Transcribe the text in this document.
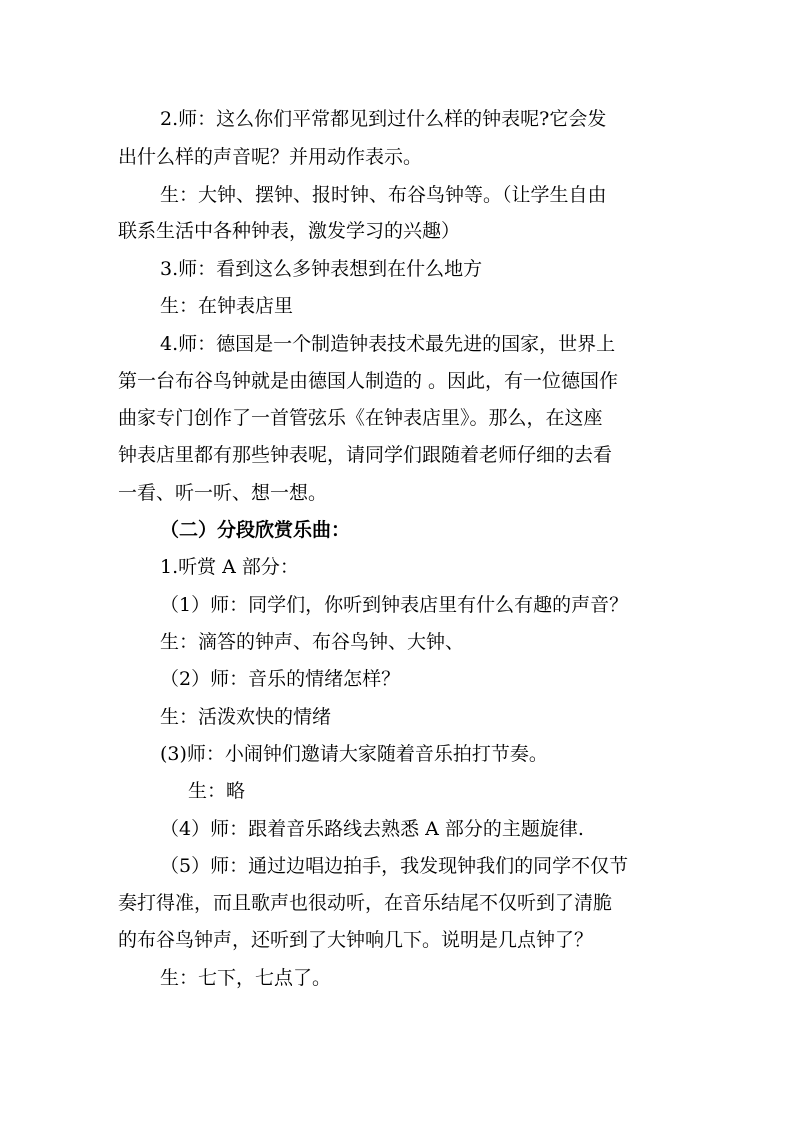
2.师：这么你们平常都见到过什么样的钟表呢?它会发
出什么样的声音呢？并用动作表示。
生：大钟、摆钟、报时钟、布谷鸟钟等。（让学生自由
联系生活中各种钟表，激发学习的兴趣）
3.师：看到这么多钟表想到在什么地方
生：在钟表店里
4.师：德国是一个制造钟表技术最先进的国家，世界上
第一台布谷鸟钟就是由德国人制造的 。因此，有一位德国作
曲家专门创作了一首管弦乐《在钟表店里》。那么，在这座
钟表店里都有那些钟表呢，请同学们跟随着老师仔细的去看
一看、听一听、想一想。
（二）分段欣赏乐曲：
1.听赏 A 部分：
（1）师：同学们，你听到钟表店里有什么有趣的声音？
生：滴答的钟声、布谷鸟钟、大钟、
（2）师：音乐的情绪怎样？
生：活泼欢快的情绪
(3)师：小闹钟们邀请大家随着音乐拍打节奏。
生：略
（4）师：跟着音乐路线去熟悉 A 部分的主题旋律.
（5）师：通过边唱边拍手，我发现钟我们的同学不仅节
奏打得准，而且歌声也很动听，在音乐结尾不仅听到了清脆
的布谷鸟钟声，还听到了大钟响几下。说明是几点钟了？
生：七下，七点了。
